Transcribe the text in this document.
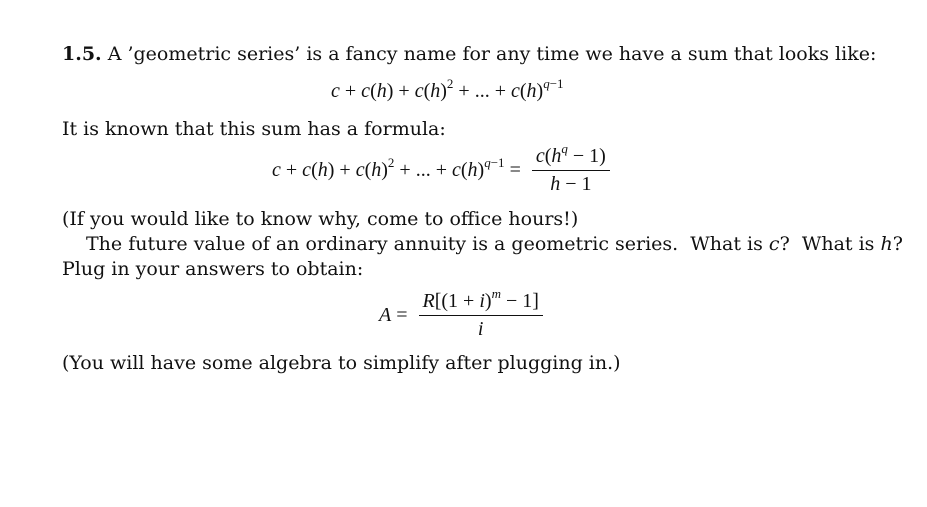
1.5. A ’geometric series’ is a fancy name for any time we have a sum that looks like:
$c + c(h) + c(h)^2$ + ... + $c(h)^{q-1}$
It is known that this sum has a formula:
$c + c(h) + c(h)^2$ + ... + $c(h)^{q-1} = \frac{c(h^q - 1)}{h - 1}$
(If you would like to know why, come to office hours!)
The future value of an ordinary annuity is a geometric series.  What is c?  What is h?
Plug in your answers to obtain:
$A = \frac{R[(1 + i)^m - 1]}{i}$
(You will have some algebra to simplify after plugging in.)
